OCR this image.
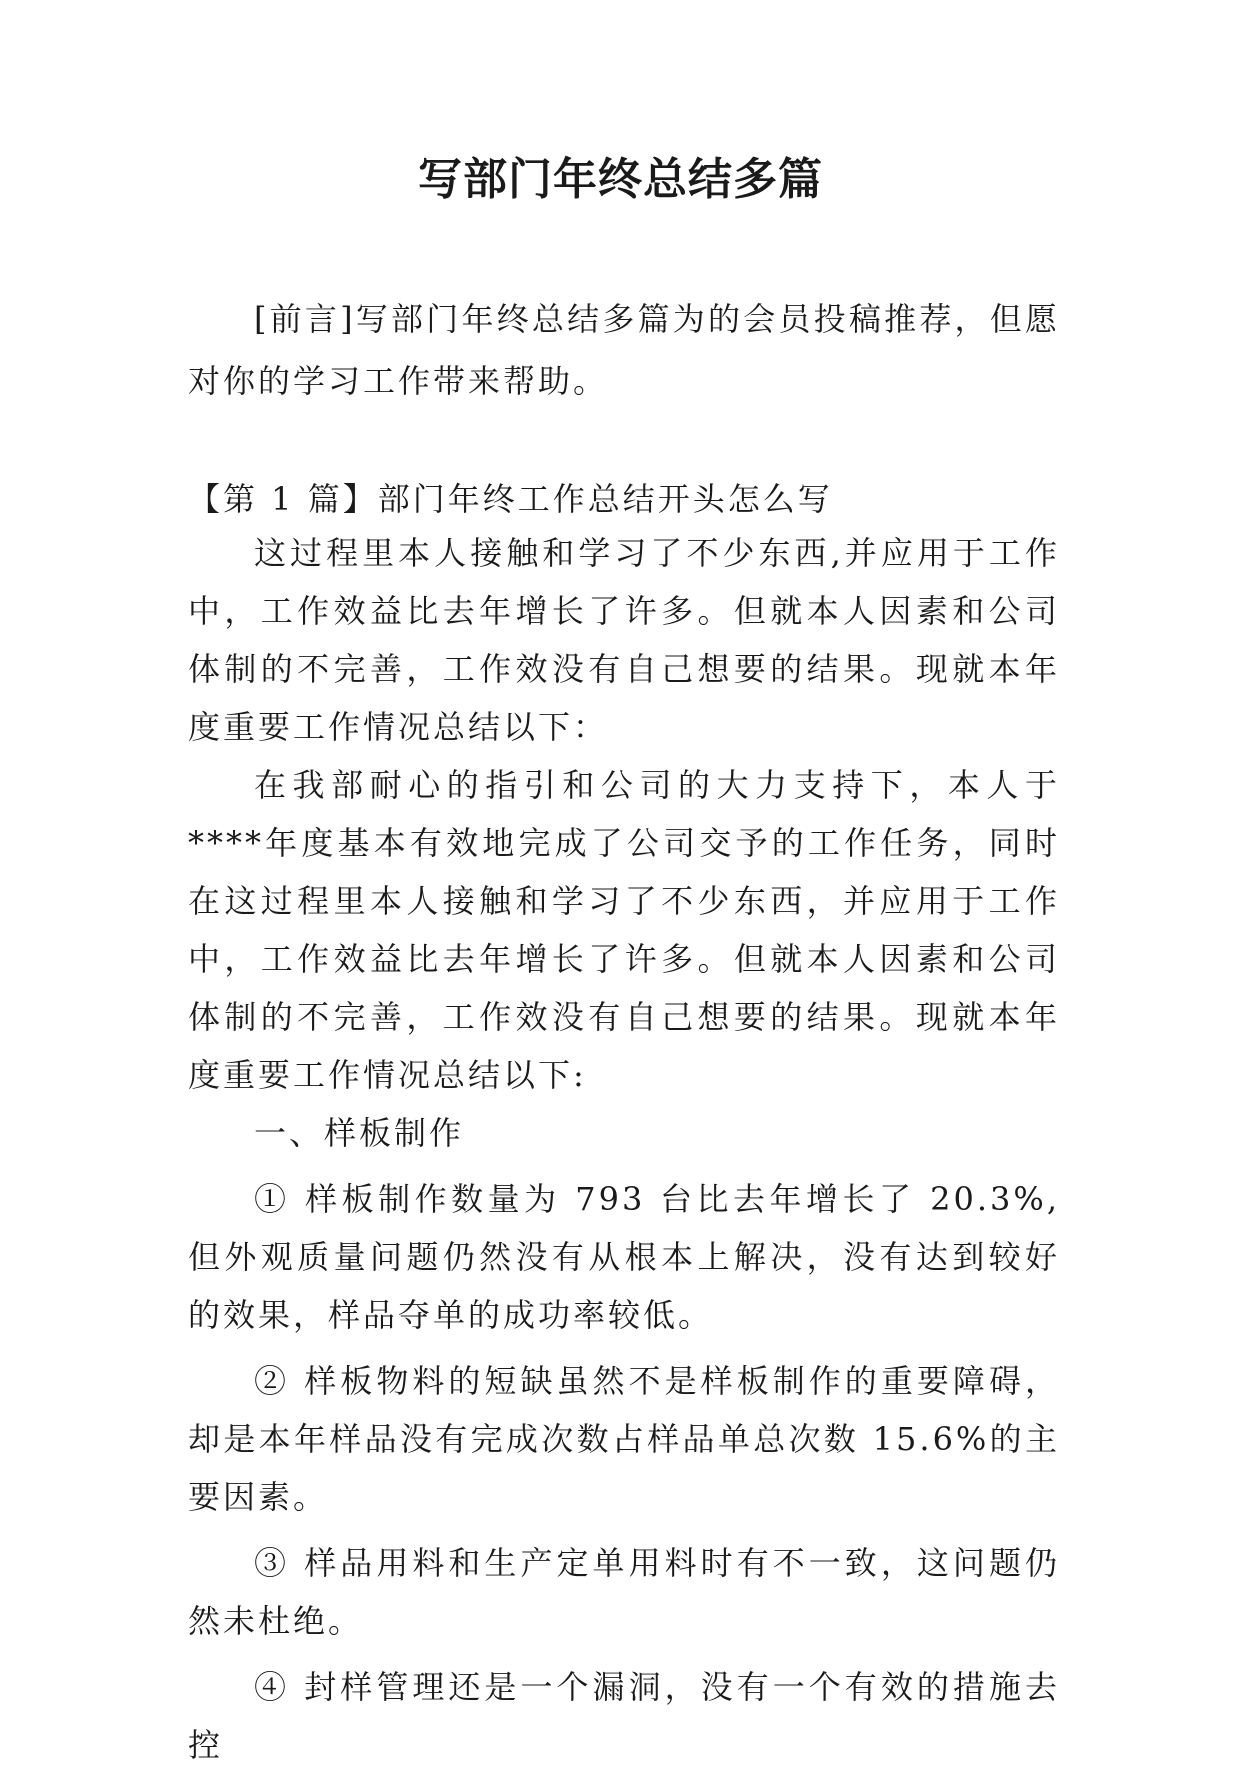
写部门年终总结多篇

[前言]写部门年终总结多篇为的会员投稿推荐，但愿对你的学习工作带来帮助。

【第 1 篇】部门年终工作总结开头怎么写

这过程里本人接触和学习了不少东西,并应用于工作中，工作效益比去年增长了许多。但就本人因素和公司体制的不完善，工作效没有自己想要的结果。现就本年度重要工作情况总结以下：

在我部耐心的指引和公司的大力支持下，本人于****年度基本有效地完成了公司交予的工作任务，同时在这过程里本人接触和学习了不少东西，并应用于工作中，工作效益比去年增长了许多。但就本人因素和公司体制的不完善，工作效没有自己想要的结果。现就本年度重要工作情况总结以下:

一、样板制作

① 样板制作数量为 793 台比去年增长了 20.3%,但外观质量问题仍然没有从根本上解决，没有达到较好的效果，样品夺单的成功率较低。

② 样板物料的短缺虽然不是样板制作的重要障碍，却是本年样品没有完成次数占样品单总次数 15.6%的主要因素。

③ 样品用料和生产定单用料时有不一致，这问题仍然未杜绝。

④ 封样管理还是一个漏洞，没有一个有效的措施去控
